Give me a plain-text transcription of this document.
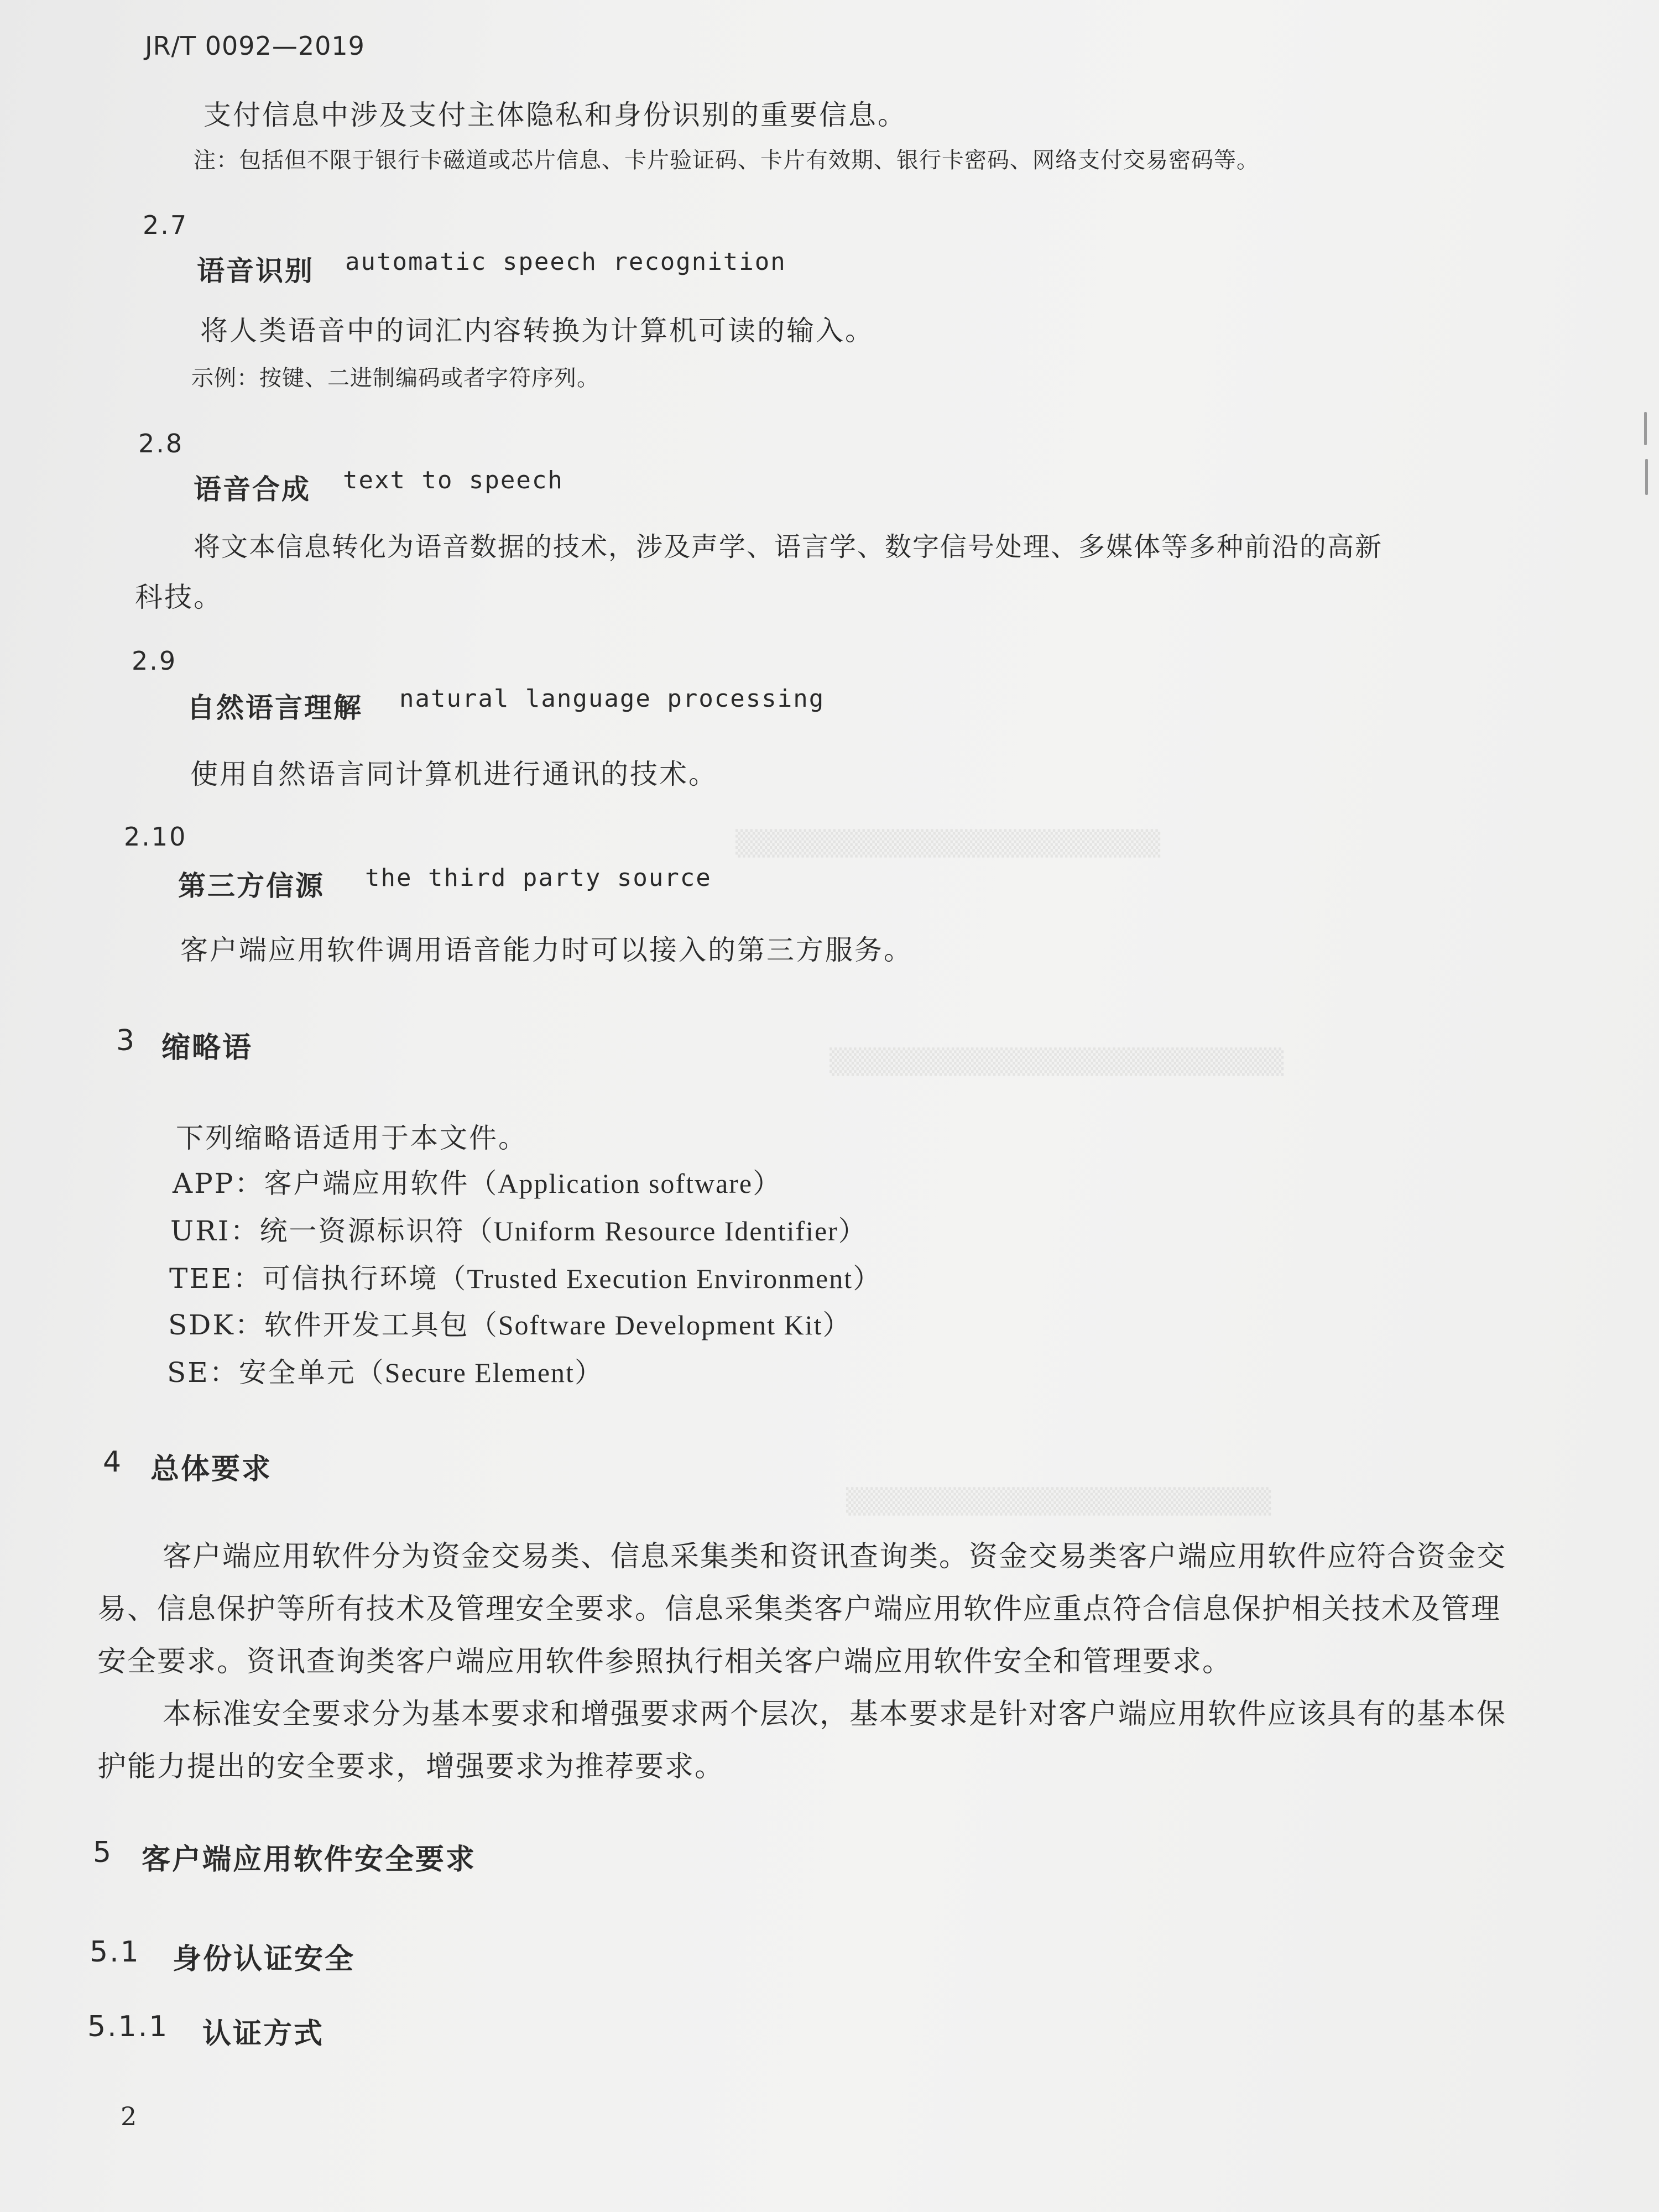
▒▒▒▒▒▒▒▒▒▒▒▒▒▒▒▒▒▒▒▒▒▒▒▒▒▒▒▒▒
▒▒▒▒▒▒▒▒▒▒▒▒▒▒▒▒▒▒▒▒▒▒▒▒▒▒▒▒▒▒▒
▒▒▒▒▒▒▒▒▒▒▒▒▒▒▒▒▒▒▒▒▒▒▒▒▒▒▒▒▒
JR/T 0092—2019
支付信息中涉及支付主体隐私和身份识别的重要信息。
注：包括但不限于银行卡磁道或芯片信息、卡片验证码、卡片有效期、银行卡密码、网络支付交易密码等。
2.7
语音识别 automatic speech recognition
将人类语音中的词汇内容转换为计算机可读的输入。
示例：按键、二进制编码或者字符序列。
2.8
语音合成 text to speech
将文本信息转化为语音数据的技术，涉及声学、语言学、数字信号处理、多媒体等多种前沿的高新
科技。
2.9
自然语言理解 natural language processing
使用自然语言同计算机进行通讯的技术。
2.10
第三方信源 the third party source
客户端应用软件调用语音能力时可以接入的第三方服务。
3 缩略语
下列缩略语适用于本文件。
APP：客户端应用软件（Application software）
URI：统一资源标识符（Uniform Resource Identifier）
TEE：可信执行环境（Trusted Execution Environment）
SDK：软件开发工具包（Software Development Kit）
SE：安全单元（Secure Element）
4 总体要求
客户端应用软件分为资金交易类、信息采集类和资讯查询类。资金交易类客户端应用软件应符合资金交易、信息保护等所有技术及管理安全要求。信息采集类客户端应用软件应重点符合信息保护相关技术及管理安全要求。资讯查询类客户端应用软件参照执行相关客户端应用软件安全和管理要求。
本标准安全要求分为基本要求和增强要求两个层次，基本要求是针对客户端应用软件应该具有的基本保护能力提出的安全要求，增强要求为推荐要求。
5 客户端应用软件安全要求
5.1 身份认证安全
5.1.1 认证方式
2
